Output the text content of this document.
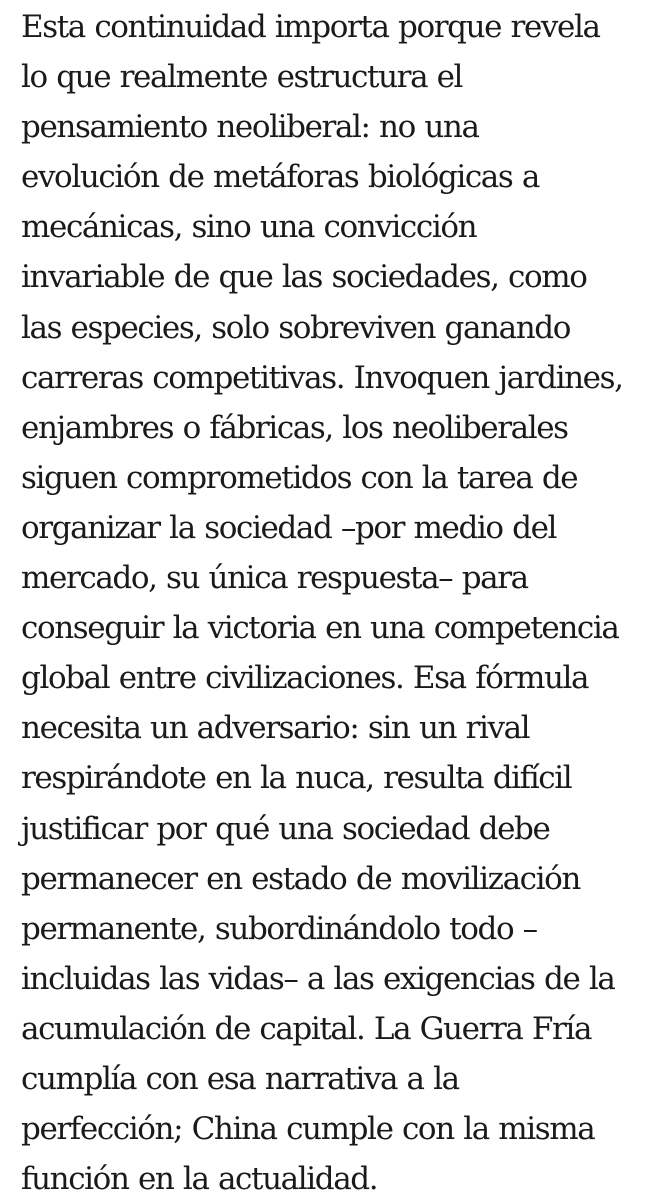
Esta continuidad importa porque revela
lo que realmente estructura el
pensamiento neoliberal: no una
evolución de metáforas biológicas a
mecánicas, sino una convicción
invariable de que las sociedades, como
las especies, solo sobreviven ganando
carreras competitivas. Invoquen jardines,
enjambres o fábricas, los neoliberales
siguen comprometidos con la tarea de
organizar la sociedad –por medio del
mercado, su única respuesta– para
conseguir la victoria en una competencia
global entre civilizaciones. Esa fórmula
necesita un adversario: sin un rival
respirándote en la nuca, resulta difícil
justificar por qué una sociedad debe
permanecer en estado de movilización
permanente, subordinándolo todo –
incluidas las vidas– a las exigencias de la
acumulación de capital. La Guerra Fría
cumplía con esa narrativa a la
perfección; China cumple con la misma
función en la actualidad.
